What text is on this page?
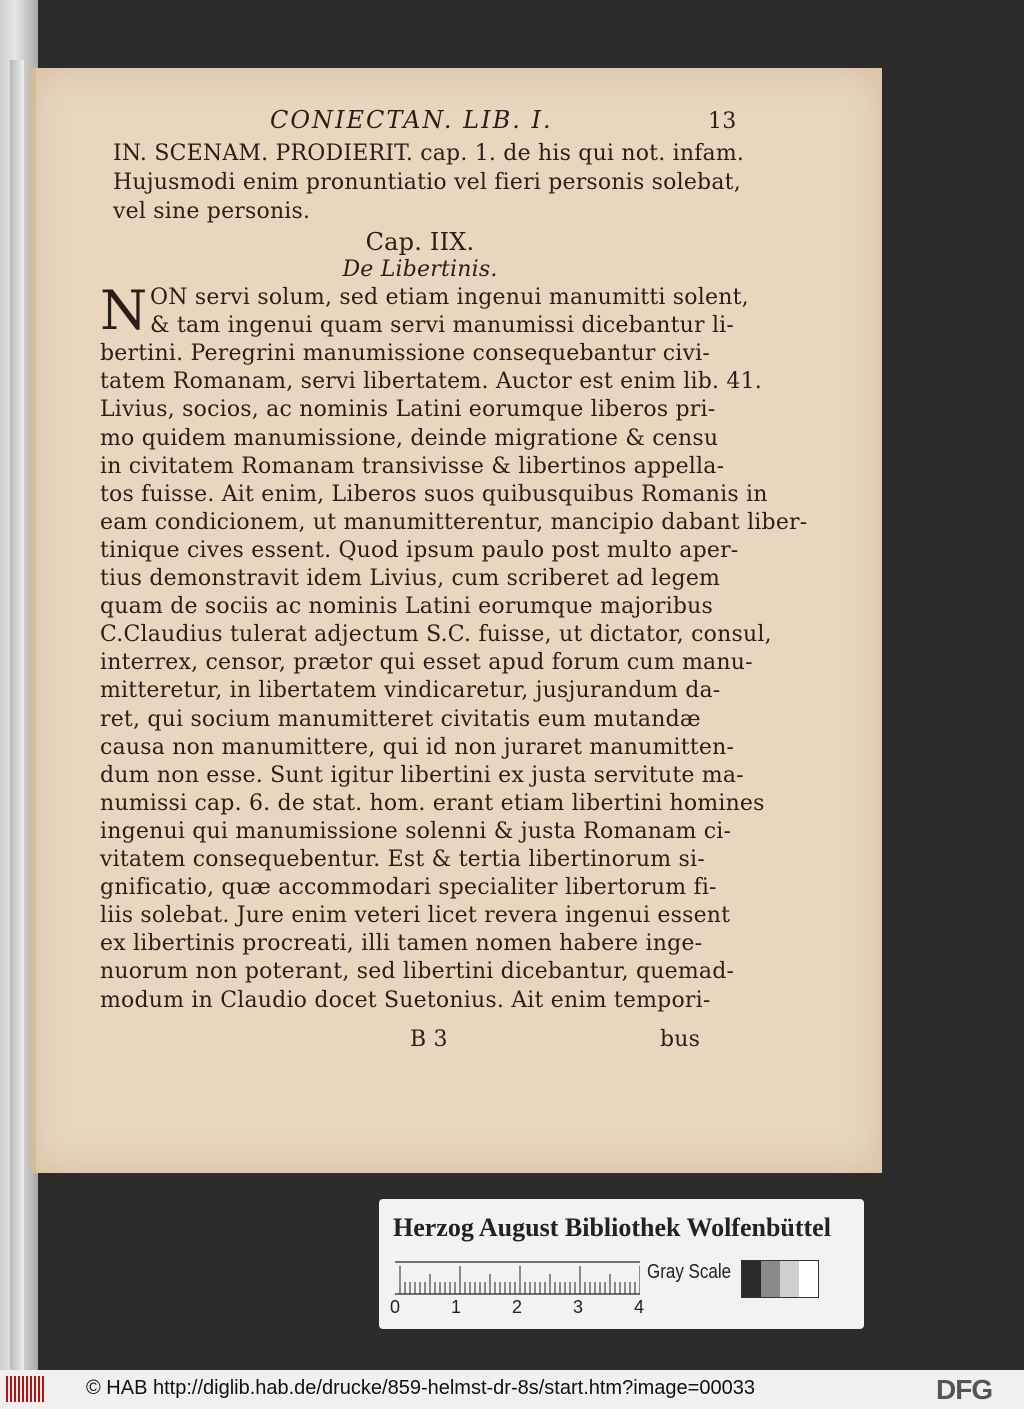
CONIECTAN. LIB. I.	13
IN. SCENAM. PRODIERIT. cap. 1. de his qui not. infam.
Hujusmodi enim pronuntiatio vel fieri personis solebat,
vel sine personis.
Cap. IIX.
De Libertinis.
N ON servi solum, sed etiam ingenui manumitti solent,
& tam ingenui quam servi manumissi dicebantur li-
bertini. Peregrini manumissione consequebantur civi-
tatem Romanam, servi libertatem. Auctor est enim lib. 41.
Livius, socios, ac nominis Latini eorumque liberos pri-
mo quidem manumissione, deinde migratione & censu
in civitatem Romanam transivisse & libertinos appella-
tos fuisse. Ait enim, Liberos suos quibusquibus Romanis in
eam condicionem, ut manumitterentur, mancipio dabant liber-
tinique cives essent. Quod ipsum paulo post multo aper-
tius demonstravit idem Livius, cum scriberet ad legem
quam de sociis ac nominis Latini eorumque majoribus
C.Claudius tulerat adjectum S.C. fuisse, ut dictator, consul,
interrex, censor, prætor qui esset apud forum cum manu-
mitteretur, in libertatem vindicaretur, jusjurandum da-
ret, qui socium manumitteret civitatis eum mutandæ
causa non manumittere, qui id non juraret manumitten-
dum non esse. Sunt igitur libertini ex justa servitute ma-
numissi cap. 6. de stat. hom. erant etiam libertini homines
ingenui qui manumissione solenni & justa Romanam ci-
vitatem consequebentur. Est & tertia libertinorum si-
gnificatio, quæ accommodari specialiter libertorum fi-
liis solebat. Jure enim veteri licet revera ingenui essent
ex libertinis procreati, illi tamen nomen habere inge-
nuorum non poterant, sed libertini dicebantur, quemad-
modum in Claudio docet Suetonius. Ait enim tempori-
B 3	bus
Herzog August Bibliothek Wolfenbüttel
0	1	2	3	4
Gray Scale
© HAB http://diglib.hab.de/drucke/859-helmst-dr-8s/start.htm?image=00033	DFG
